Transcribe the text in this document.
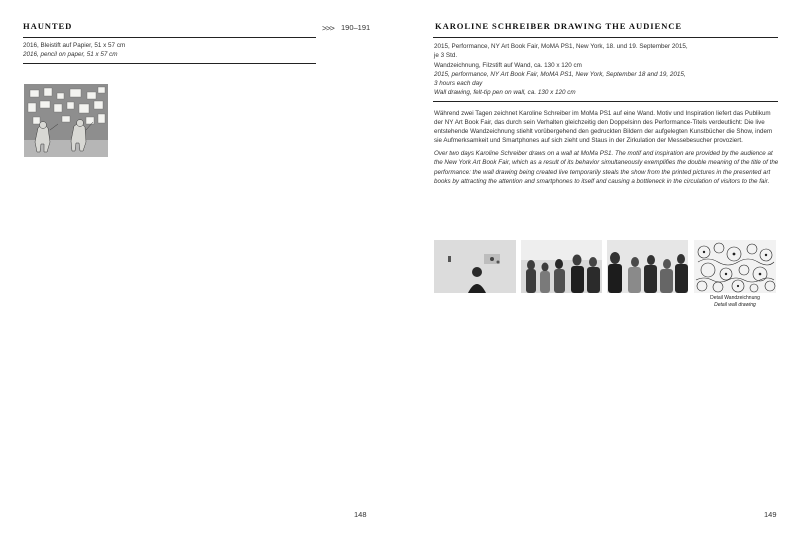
HAUNTED
2016, Bleistift auf Papier, 51 x 57 cm
2016, pencil on paper, 51 x 57 cm
>>> 190–191
148
KAROLINE SCHREIBER DRAWING THE AUDIENCE
2015, Performance, NY Art Book Fair, MoMA PS1, New York, 18. und 19. September 2015,
je 3 Std.
Wandzeichnung, Filzstift auf Wand, ca. 130 x 120 cm
2015, performance, NY Art Book Fair, MoMA PS1, New York, September 18 and 19, 2015,
3 hours each day
Wall drawing, felt-tip pen on wall, ca. 130 x 120 cm

Während zwei Tagen zeichnet Karoline Schreiber im MoMa PS1 auf eine Wand. Motiv und Inspiration liefert das Publikum der NY Art Book Fair, das durch sein Verhalten gleichzeitig den Doppelsinn des Performance-Titels verdeutlicht: Die live entstehende Wandzeichnung stiehlt vorübergehend den gedruckten Bildern der aufgelegten Kunstbücher die Show, indem sie Aufmerksamkeit und Smartphones auf sich zieht und Staus in der Zirkulation der Messebesucher provoziert.

Over two days Karoline Schreiber draws on a wall at MoMa PS1. The motif and inspiration are provided by the audience at the New York Art Book Fair, which as a result of its behavior simultaneously exemplifies the double meaning of the title of the performance: the wall drawing being created live temporarily steals the show from the printed pictures in the presented art books by attracting the attention and smartphones to itself and causing a bottleneck in the circulation of visitors to the fair.

Detail Wandzeichnung
Detail wall drawing
149
